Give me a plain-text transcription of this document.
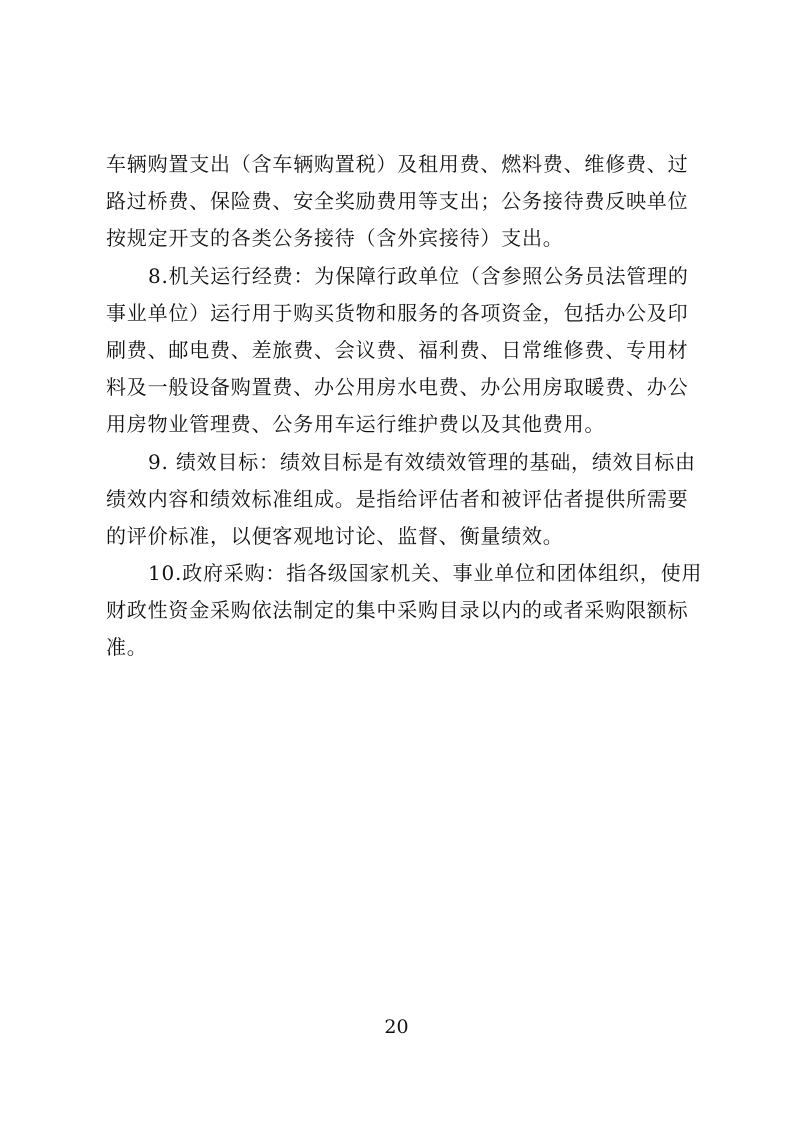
车辆购置支出（含车辆购置税）及租用费、燃料费、维修费、过
路过桥费、保险费、安全奖励费用等支出；公务接待费反映单位
按规定开支的各类公务接待（含外宾接待）支出。
8.机关运行经费：为保障行政单位（含参照公务员法管理的
事业单位）运行用于购买货物和服务的各项资金，包括办公及印
刷费、邮电费、差旅费、会议费、福利费、日常维修费、专用材
料及一般设备购置费、办公用房水电费、办公用房取暖费、办公
用房物业管理费、公务用车运行维护费以及其他费用。
9. 绩效目标：绩效目标是有效绩效管理的基础，绩效目标由
绩效内容和绩效标准组成。是指给评估者和被评估者提供所需要
的评价标准，以便客观地讨论、监督、衡量绩效。
10.政府采购：指各级国家机关、事业单位和团体组织，使用
财政性资金采购依法制定的集中采购目录以内的或者采购限额标
准。
20
